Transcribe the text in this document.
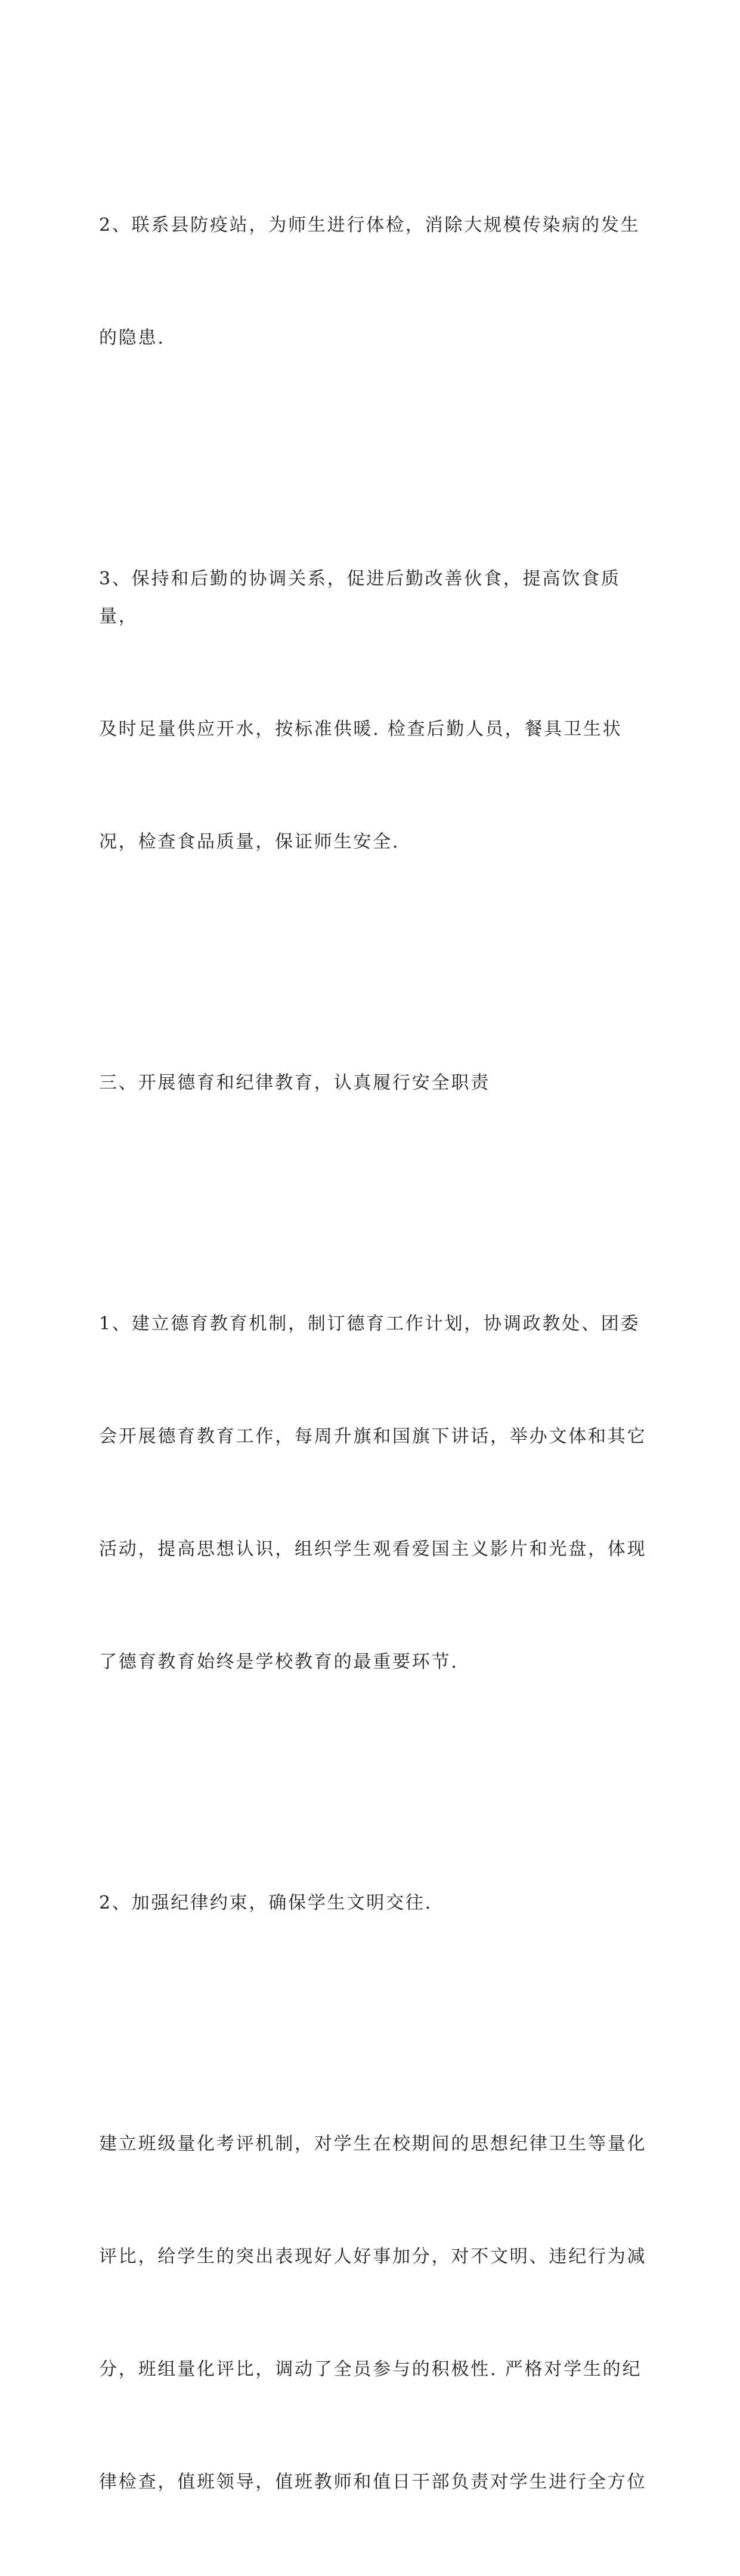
2、联系县防疫站，为师生进行体检，消除大规模传染病的发生

的隐患.

3、保持和后勤的协调关系，促进后勤改善伙食，提高饮食质量，

及时足量供应开水，按标准供暖. 检查后勤人员，餐具卫生状

况，检查食品质量，保证师生安全.

三、开展德育和纪律教育，认真履行安全职责

1、建立德育教育机制，制订德育工作计划，协调政教处、团委

会开展德育教育工作，每周升旗和国旗下讲话，举办文体和其它

活动，提高思想认识，组织学生观看爱国主义影片和光盘，体现

了德育教育始终是学校教育的最重要环节.

2、加强纪律约束，确保学生文明交往.

建立班级量化考评机制，对学生在校期间的思想纪律卫生等量化

评比，给学生的突出表现好人好事加分，对不文明、违纪行为减

分，班组量化评比，调动了全员参与的积极性. 严格对学生的纪

律检查，值班领导，值班教师和值日干部负责对学生进行全方位
